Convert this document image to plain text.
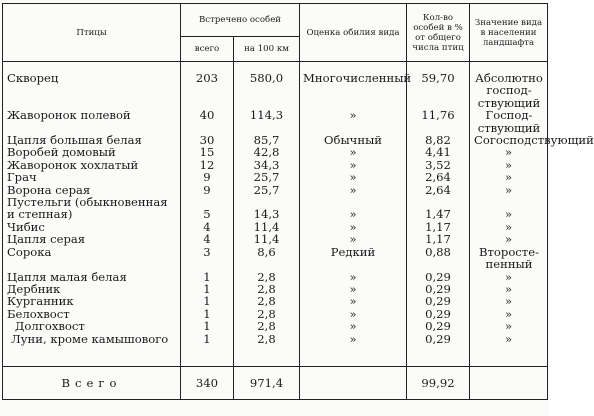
Птицы	Встречено особей		Оценка обилия вида	Кол-во особей в % от общего числа птиц	Значение вида в населении ландшафта
	всего	на 100 км			

Скворец	203	580,0	Многочисленный	59,70	Абсолютно господ-ствующий
Жаворонок полевой	40	114,3	»	11,76	Господ-ствующий
Цапля большая белая	30	85,7	Обычный	8,82	Согосподствующий
Воробей домовый	15	42,8	»	4,41	»
Жаворонок хохлатый	12	34,3	»	3,52	»
Грач	9	25,7	»	2,64	»
Ворона серая	9	25,7	»	2,64	»
Пустельги (обыкновенная и степная)	5	14,3	»	1,47	»
Чибис	4	11,4	»	1,17	»
Цапля серая	4	11,4	»	1,17	»
Сорока	3	8,6	Редкий	0,88	Второсте-пенный
Цапля малая белая	1	2,8	»	0,29	»
Дербник	1	2,8	»	0,29	»
Курганник	1	2,8	»	0,29	»
Белохвост	1	2,8	»	0,29	»
Долгохвост	1	2,8	»	0,29	»
Луни, кроме камышового	1	2,8	»	0,29	»

Всего	340	971,4		99,92	
